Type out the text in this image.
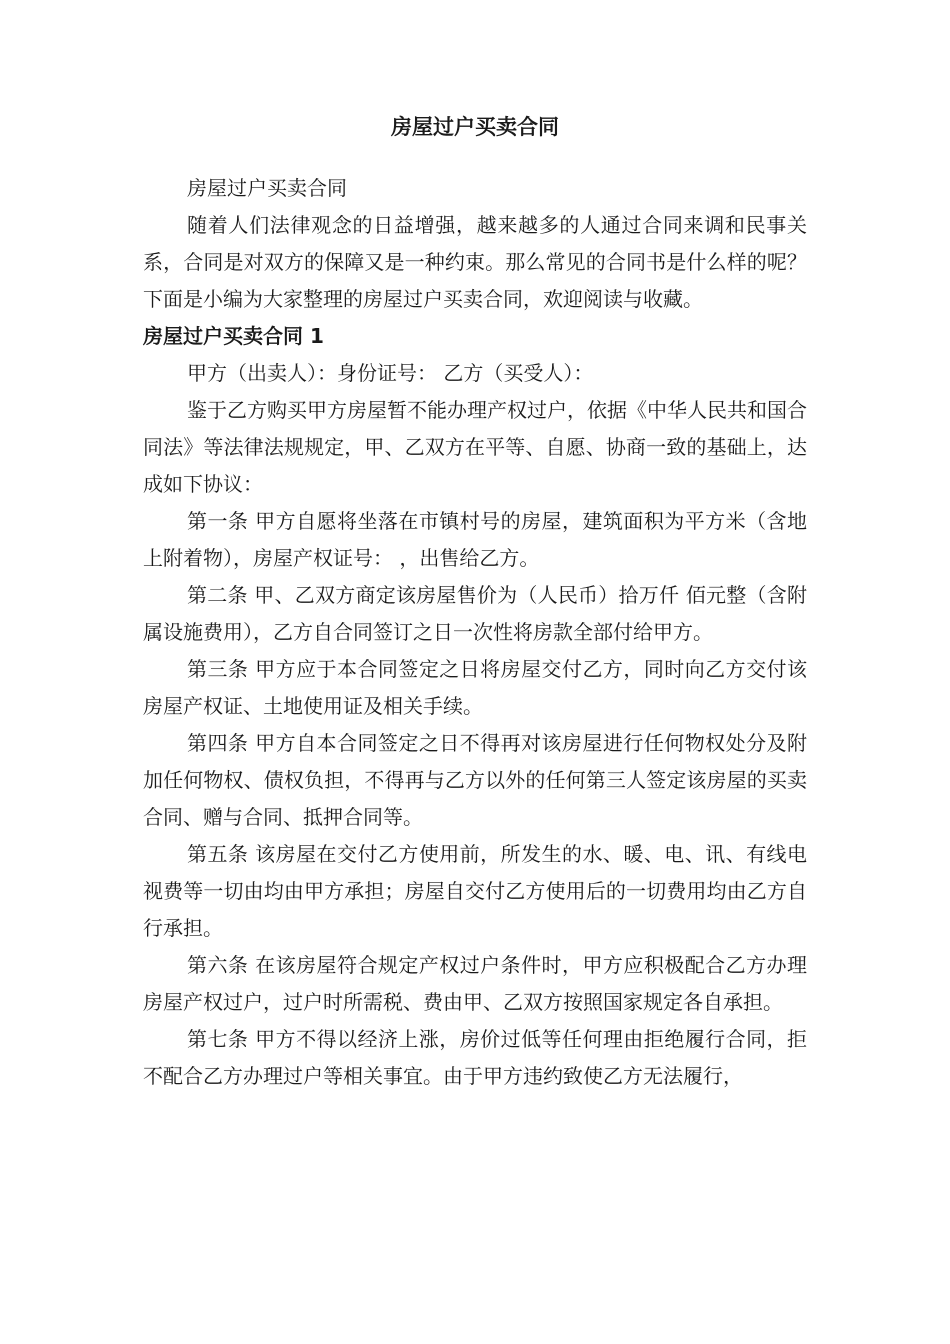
房屋过户买卖合同

房屋过户买卖合同

随着人们法律观念的日益增强，越来越多的人通过合同来调和民事关系，合同是对双方的保障又是一种约束。那么常见的合同书是什么样的呢？下面是小编为大家整理的房屋过户买卖合同，欢迎阅读与收藏。

房屋过户买卖合同 1

甲方（出卖人）：身份证号： 乙方（买受人）：

鉴于乙方购买甲方房屋暂不能办理产权过户，依据《中华人民共和国合同法》等法律法规规定，甲、乙双方在平等、自愿、协商一致的基础上，达成如下协议：

第一条 甲方自愿将坐落在市镇村号的房屋，建筑面积为平方米（含地上附着物），房屋产权证号： ，出售给乙方。

第二条 甲、乙双方商定该房屋售价为（人民币）拾万仟 佰元整（含附属设施费用），乙方自合同签订之日一次性将房款全部付给甲方。

第三条 甲方应于本合同签定之日将房屋交付乙方，同时向乙方交付该房屋产权证、土地使用证及相关手续。

第四条 甲方自本合同签定之日不得再对该房屋进行任何物权处分及附加任何物权、债权负担，不得再与乙方以外的任何第三人签定该房屋的买卖合同、赠与合同、抵押合同等。

第五条 该房屋在交付乙方使用前，所发生的水、暖、电、讯、有线电视费等一切由均由甲方承担；房屋自交付乙方使用后的一切费用均由乙方自行承担。

第六条 在该房屋符合规定产权过户条件时，甲方应积极配合乙方办理房屋产权过户，过户时所需税、费由甲、乙双方按照国家规定各自承担。

第七条 甲方不得以经济上涨，房价过低等任何理由拒绝履行合同，拒不配合乙方办理过户等相关事宜。由于甲方违约致使乙方无法履行，
